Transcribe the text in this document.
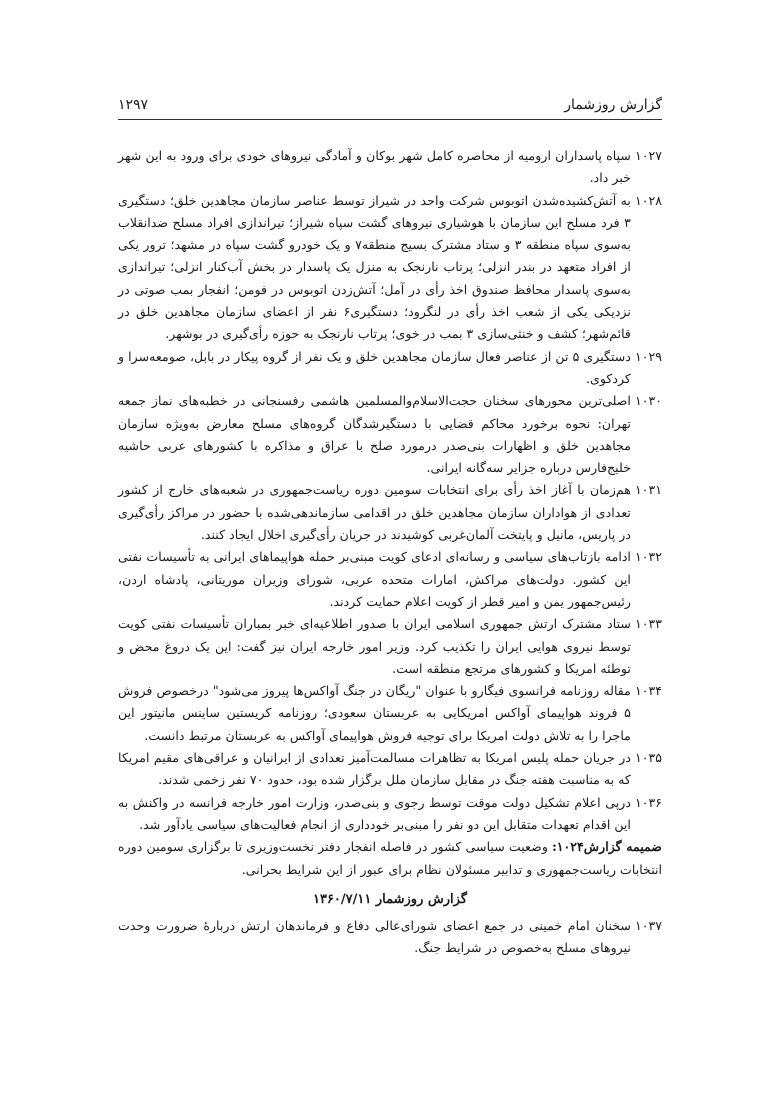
گزارش روزشمار
۱۲۹۷
۱۰۲۷
سپاه پاسداران ارومیه از محاصره کامل شهر بوکان و آمادگی نیروهای خودی برای ورود به این شهر خبر داد.
۱۰۲۸
به آتش‌کشیده‌شدن اتوبوس شرکت واحد در شیراز توسط عناصر سازمان مجاهدین خلق؛ دستگیری ۳ فرد مسلح این سازمان با هوشیاری نیروهای گشت سپاه شیراز؛ تیراندازی افراد مسلح ضدانقلاب به‌سوی سپاه منطقه ۳ و ستاد مشترک بسیج منطقه۷ و یک خودرو گشت سپاه در مشهد؛ ترور یکی از افراد متعهد در بندر انزلی؛ پرتاب نارنجک به منزل یک پاسدار در بخش آب‌کنار انزلی؛ تیراندازی به‌سوی پاسدار محافظ صندوق اخذ رأی در آمل؛ آتش‌زدن اتوبوس در فومن؛ انفجار بمب صوتی در نزدیکی یکی از شعب اخذ رأی در لنگرود؛ دستگیری۶ نفر از اعضای سازمان مجاهدین خلق در قائم‌شهر؛ کشف و خنثی‌سازی ۳ بمب در خوی؛ پرتاب نارنجک به حوزه رأی‌گیری در بوشهر.
۱۰۲۹
دستگیری ۵ تن از عناصر فعال سازمان مجاهدین خلق و یک نفر از گروه پیکار در بابل، صومعه‌سرا و کردکوی.
۱۰۳۰
اصلی‌ترین محورهای سخنان حجت‌الاسلام‌والمسلمین هاشمی رفسنجانی در خطبه‌های نماز جمعه تهران: نحوه برخورد محاکم قضایی با دستگیرشدگان گروه‌های مسلح معارض به‌ویژه سازمان مجاهدین خلق و اظهارات بنی‌صدر درمورد صلح با عراق و مذاکره با کشورهای عربی حاشیه خلیج‌فارس درباره جزایر سه‌گانه ایرانی.
۱۰۳۱
هم‌زمان با آغاز اخذ رأی برای انتخابات سومین دوره ریاست‌جمهوری در شعبه‌های خارج از کشور تعدادی از هواداران سازمان مجاهدین خلق در اقدامی سازماندهی‌شده با حضور در مراکز رأی‌گیری در پاریس، مانیل و پایتخت آلمان‌غربی کوشیدند در جریان رأی‌گیری اخلال ایجاد کنند.
۱۰۳۲
ادامه بازتاب‌های سیاسی و رسانه‌ای ادعای کویت مبنی‌بر حمله هواپیماهای ایرانی به تأسیسات نفتی این کشور. دولت‌های مراکش، امارات متحده عربی، شورای وزیران موریتانی، پادشاه اردن، رئیس‌جمهور یمن و امیر قطر از کویت اعلام حمایت کردند.
۱۰۳۳
ستاد مشترک ارتش جمهوری اسلامی ایران با صدور اطلاعیه‌ای خبر بمباران تأسیسات نفتی کویت توسط نیروی هوایی ایران را تکذیب کرد. وزیر امور خارجه ایران نیز گفت: این یک دروغ محض و توطئه امریکا و کشورهای مرتجع منطقه است.
۱۰۳۴
مقاله روزنامه فرانسوی فیگارو با عنوان "ریگان در جنگ آواکس‌ها پیروز می‌شود" درخصوص فروش ۵ فروند هواپیمای آواکس امریکایی به عربستان سعودی؛ روزنامه کریستین ساینس مانیتور این ماجرا را به تلاش دولت امریکا برای توجیه فروش هواپیمای آواکس به عربستان مرتبط دانست.
۱۰۳۵
در جریان حمله پلیس امریکا به تظاهرات مسالمت‌آمیز تعدادی از ایرانیان و عراقی‌های مقیم امریکا که به مناسبت هفته جنگ در مقابل سازمان ملل برگزار شده بود، حدود ۷۰ نفر زخمی شدند.
۱۰۳۶
درپی اعلام تشکیل دولت موقت توسط رجوی و بنی‌صدر، وزارت امور خارجه فرانسه در واکنش به این اقدام تعهدات متقابل این دو نفر را مبنی‌بر خودداری از انجام فعالیت‌های سیاسی یادآور شد.
ضمیمه گزارش۱۰۲۴: وضعیت سیاسی کشور در فاصله انفجار دفتر نخست‌وزیری تا برگزاری سومین دوره انتخابات ریاست‌جمهوری و تدابیر مسئولان نظام برای عبور از این شرایط بحرانی.
گزارش روزشمار ۱۳۶۰/۷/۱۱
۱۰۳۷
سخنان امام خمینی در جمع اعضای شورای‌عالی دفاع و فرماندهان ارتش دربارهٔ ضرورت وحدت نیروهای مسلح به‌خصوص در شرایط جنگ.
